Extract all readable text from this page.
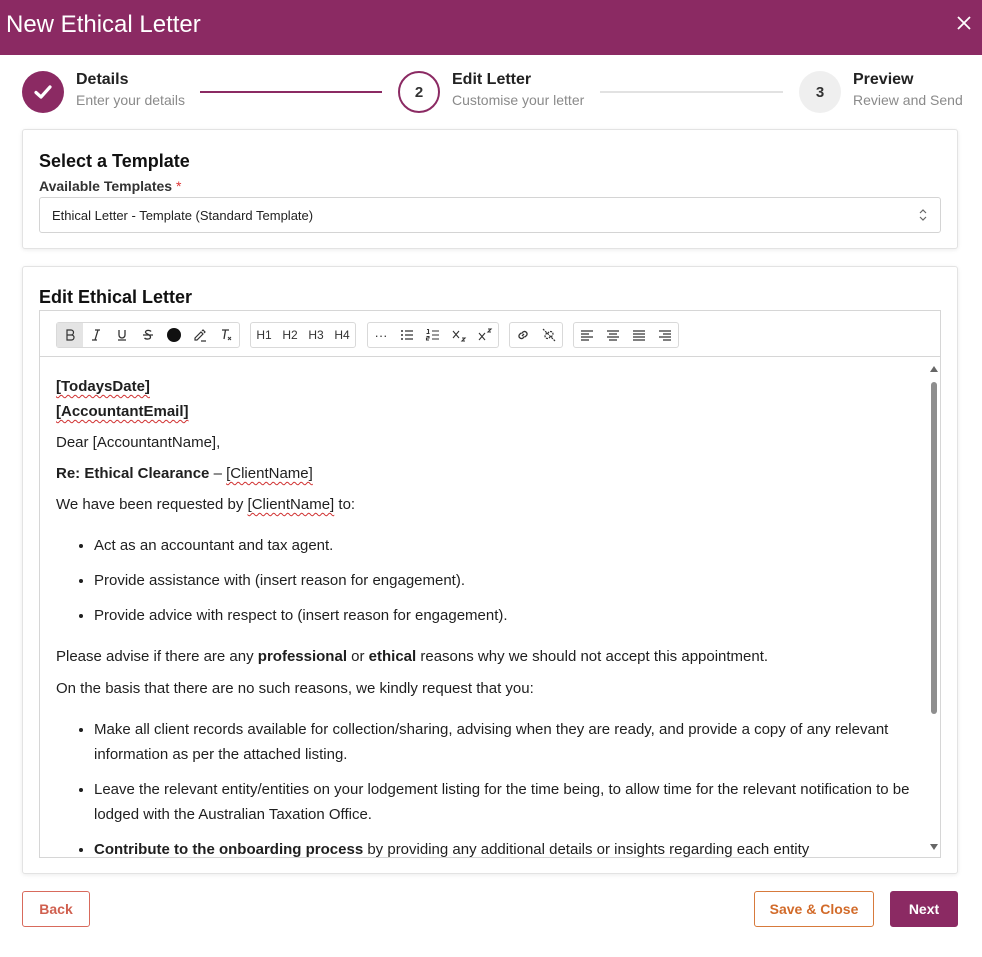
New Ethical Letter
Details
Enter your details	2
Edit Letter
Customise your letter	3
Preview
Review and Send
Select a Template
Available Templates *
Ethical Letter - Template (Standard Template)
Edit Ethical Letter
H1 H2 H3 H4 ···

[TodaysDate]

[AccountantEmail]

Dear [AccountantName],

Re: Ethical Clearance – [ClientName]

We have been requested by [ClientName] to:

• Act as an accountant and tax agent.
• Provide assistance with (insert reason for engagement).
• Provide advice with respect to (insert reason for engagement).

Please advise if there are any professional or ethical reasons why we should not accept this appointment.

On the basis that there are no such reasons, we kindly request that you:

• Make all client records available for collection/sharing, advising when they are ready, and provide a copy of any relevant information as per the attached listing.
• Leave the relevant entity/entities on your lodgement listing for the time being, to allow time for the relevant notification to be lodged with the Australian Taxation Office.
• Contribute to the onboarding process by providing any additional details or insights regarding each entity
Back	Save & Close	Next
